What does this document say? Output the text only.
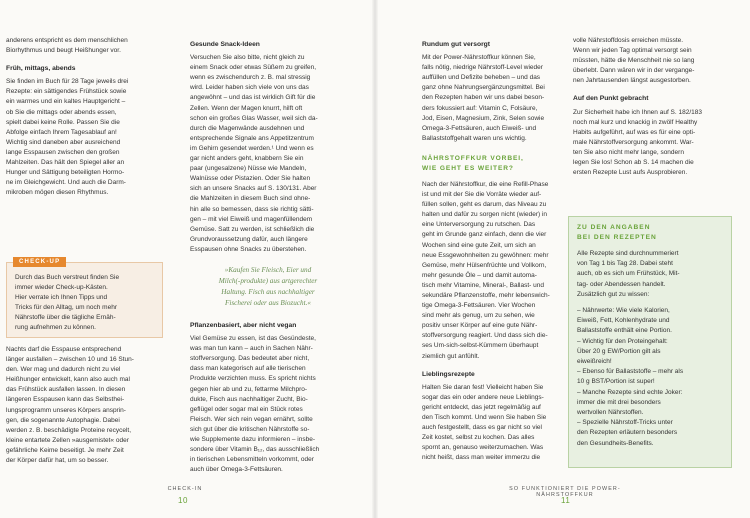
anderens entspricht es dem menschlichen
Biorhythmus und beugt Heißhunger vor.

Früh, mittags, abends

Sie finden im Buch für 28 Tage jeweils drei
Rezepte: ein sättigendes Frühstück sowie
ein warmes und ein kaltes Hauptgericht –
ob Sie die mittags oder abends essen,
spielt dabei keine Rolle. Passen Sie die
Abfolge einfach Ihrem Tagesablauf an!
Wichtig sind daneben aber ausreichend
lange Esspausen zwischen den großen
Mahlzeiten. Das hält den Spiegel aller an
Hunger und Sättigung beteiligten Hormo-
ne im Gleichgewicht. Und auch die Darm-
mikroben mögen diesen Rhythmus.

CHECK-UP
Durch das Buch verstreut finden Sie
immer wieder Check-up-Kästen.
Hier verrate ich Ihnen Tipps und
Tricks für den Alltag, um noch mehr
Nährstoffe über die tägliche Ernäh-
rung aufnehmen zu können.

Nachts darf die Esspause entsprechend
länger ausfallen – zwischen 10 und 16 Stun-
den. Wer mag und dadurch nicht zu viel
Heißhunger entwickelt, kann also auch mal
das Frühstück ausfallen lassen. In diesen
längeren Esspausen kann das Selbsthei-
lungsprogramm unseres Körpers ansprin-
gen, die sogenannte Autophagie. Dabei
werden z. B. beschädigte Proteine recycelt,
kleine entartete Zellen »ausgemistet« oder
gefährliche Keime beseitigt. Je mehr Zeit
der Körper dafür hat, um so besser.

Gesunde Snack-Ideen

Versuchen Sie also bitte, nicht gleich zu
einem Snack oder etwas Süßem zu greifen,
wenn es zwischendurch z. B. mal stressig
wird. Leider haben sich viele von uns das
angewöhnt – und das ist wirklich Gift für die
Zellen. Wenn der Magen knurrt, hilft oft
schon ein großes Glas Wasser, weil sich da-
durch die Magenwände ausdehnen und
entsprechende Signale ans Appetitzentrum
im Gehirn gesendet werden.¹ Und wenn es
gar nicht anders geht, knabbern Sie ein
paar (ungesalzene) Nüsse wie Mandeln,
Walnüsse oder Pistazien. Oder Sie halten
sich an unsere Snacks auf S. 130/131. Aber
die Mahlzeiten in diesem Buch sind ohne-
hin alle so bemessen, dass sie richtig sätti-
gen – mit viel Eiweiß und magenfüllendem
Gemüse. Satt zu werden, ist schließlich die
Grundvoraussetzung dafür, auch längere
Esspausen ohne Snacks zu überstehen.

»Kaufen Sie Fleisch, Eier und
Milch(-produkte) aus artgerechter
Haltung. Fisch aus nachhaltiger
Fischerei oder aus Biozucht.«
Pflanzenbasiert, aber nicht vegan

Viel Gemüse zu essen, ist das Gesündeste,
was man tun kann – auch in Sachen Nähr-
stoffversorgung. Das bedeutet aber nicht,
dass man kategorisch auf alle tierischen
Produkte verzichten muss. Es spricht nichts
gegen hier ab und zu, fettarme Milchpro-
dukte, Fisch aus nachhaltiger Zucht, Bio-
geflügel oder sogar mal ein Stück rotes
Fleisch. Wer sich rein vegan ernährt, sollte
sich gut über die kritischen Nährstoffe so-
wie Supplemente dazu informieren – insbe-
sondere über Vitamin B₁₂, das ausschließlich
in tierischen Lebensmitteln vorkommt, oder
auch über Omega-3-Fettsäuren.

CHECK-IN
10
Rundum gut versorgt

Mit der Power-Nährstoffkur können Sie,
falls nötig, niedrige Nährstoff-Level wieder
auffüllen und Defizite beheben – und das
ganz ohne Nahrungsergänzungsmittel. Bei
den Rezepten haben wir uns dabei beson-
ders fokussiert auf: Vitamin C, Folsäure,
Jod, Eisen, Magnesium, Zink, Selen sowie
Omega-3-Fettsäuren, auch Eiweiß- und
Ballaststoffgehalt waren uns wichtig.

NÄHRSTOFFKUR VORBEI,
WIE GEHT ES WEITER?

Nach der Nährstoffkur, die eine Refill-Phase
ist und mit der Sie die Vorräte wieder auf-
füllen sollen, geht es darum, das Niveau zu
halten und dafür zu sorgen nicht (wieder) in
eine Unterversorgung zu rutschen. Das
geht im Grunde ganz einfach, denn die vier
Wochen sind eine gute Zeit, um sich an
neue Essgewohnheiten zu gewöhnen: mehr
Gemüse, mehr Hülsenfrüchte und Vollkorn,
mehr gesunde Öle – und damit automa-
tisch mehr Vitamine, Mineral-, Ballast- und
sekundäre Pflanzenstoffe, mehr lebenswich-
tige Omega-3-Fettsäuren. Vier Wochen
sind mehr als genug, um zu sehen, wie
positiv unser Körper auf eine gute Nähr-
stoffversorgung reagiert. Und dass sich die-
ses Um-sich-selbst-Kümmern überhaupt
ziemlich gut anfühlt.

Lieblingsrezepte

Halten Sie daran fest! Vielleicht haben Sie
sogar das ein oder andere neue Lieblings-
gericht entdeckt, das jetzt regelmäßig auf
den Tisch kommt. Und wenn Sie haben Sie
auch festgestellt, dass es gar nicht so viel
Zeit kostet, selbst zu kochen. Das alles
spornt an, genauso weiterzumachen. Was
nicht heißt, dass man weiter immerzu die

volle Nährstoffdosis erreichen müsste.
Wenn wir jeden Tag optimal versorgt sein
müssten, hätte die Menschheit nie so lang
überlebt. Dann wären wir in der vergange-
nen Jahrtausenden längst ausgestorben.

Auf den Punkt gebracht

Zur Sicherheit habe ich Ihnen auf S. 182/183
noch mal kurz und knackig in zwölf Healthy
Habits aufgeführt, auf was es für eine opti-
male Nährstoffversorgung ankommt. War-
ten Sie also nicht mehr lange, sondern
legen Sie los! Schon ab S. 14 machen die
ersten Rezepte Lust aufs Ausprobieren.

ZU DEN ANGABEN
BEI DEN REZEPTEN
Alle Rezepte sind durchnummeriert
von Tag 1 bis Tag 28. Dabei steht
auch, ob es sich um Frühstück, Mit-
tag- oder Abendessen handelt.
Zusätzlich gut zu wissen:
– Nährwerte: Wie viele Kalorien,
Eiweiß, Fett, Kohlenhydrate und
Ballaststoffe enthält eine Portion.
– Wichtig für den Proteingehalt:
Über 20 g EW/Portion gilt als
eiweißreich!
– Ebenso für Ballaststoffe – mehr als
10 g BST/Portion ist super!
– Manche Rezepte sind echte Joker:
immer die mit drei besonders
wertvollen Nährstoffen.
– Spezielle Nährstoff-Tricks unter
den Rezepten erläutern besonders
den Gesundheits-Benefits.
SO FUNKTIONIERT DIE POWER-NÄHRSTOFFKUR
11
